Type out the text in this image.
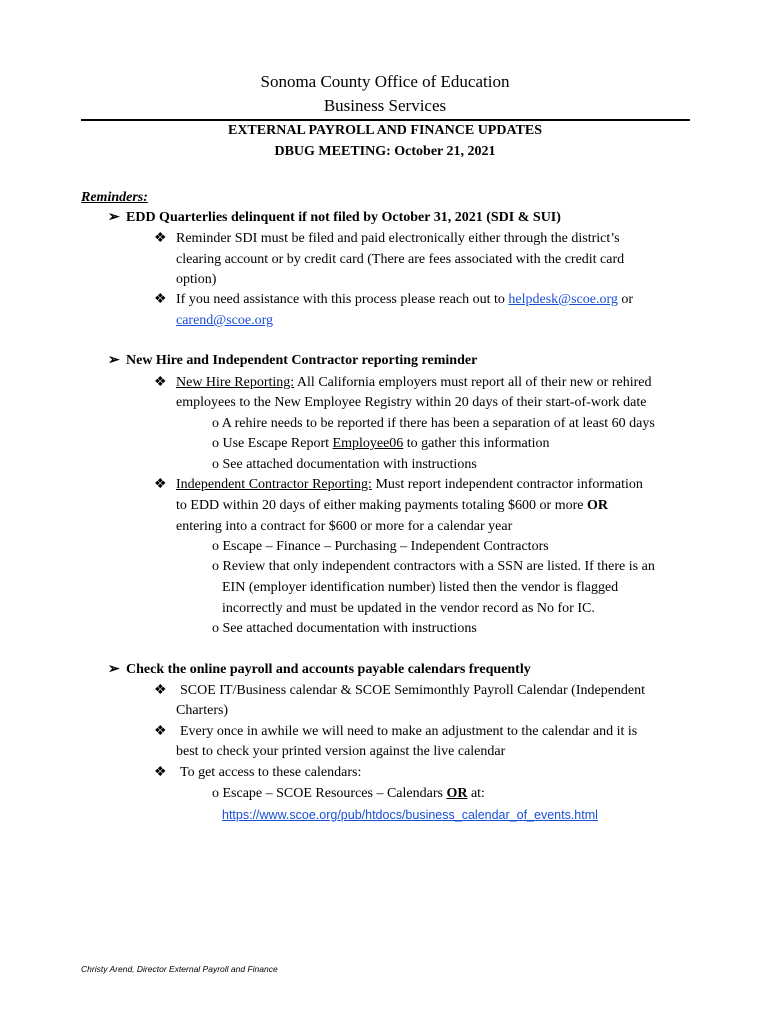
Sonoma County Office of Education
Business Services
EXTERNAL PAYROLL AND FINANCE UPDATES
DBUG MEETING: October 21, 2021
Reminders:
➢ EDD Quarterlies delinquent if not filed by October 31, 2021 (SDI & SUI)
❖ Reminder SDI must be filed and paid electronically either through the district’s
clearing account or by credit card (There are fees associated with the credit card
option)
❖ If you need assistance with this process please reach out to helpdesk@scoe.org or
carend@scoe.org
➢ New Hire and Independent Contractor reporting reminder
❖ New Hire Reporting: All California employers must report all of their new or rehired
employees to the New Employee Registry within 20 days of their start-of-work date
o A rehire needs to be reported if there has been a separation of at least 60 days
o Use Escape Report Employee06 to gather this information
o See attached documentation with instructions
❖ Independent Contractor Reporting: Must report independent contractor information
to EDD within 20 days of either making payments totaling $600 or more OR
entering into a contract for $600 or more for a calendar year
o Escape – Finance – Purchasing – Independent Contractors
o Review that only independent contractors with a SSN are listed. If there is an
EIN (employer identification number) listed then the vendor is flagged
incorrectly and must be updated in the vendor record as No for IC.
o See attached documentation with instructions
➢ Check the online payroll and accounts payable calendars frequently
❖ SCOE IT/Business calendar & SCOE Semimonthly Payroll Calendar (Independent
Charters)
❖ Every once in awhile we will need to make an adjustment to the calendar and it is
best to check your printed version against the live calendar
❖ To get access to these calendars:
o Escape – SCOE Resources – Calendars OR at:
https://www.scoe.org/pub/htdocs/business_calendar_of_events.html
Christy Arend, Director External Payroll and Finance
